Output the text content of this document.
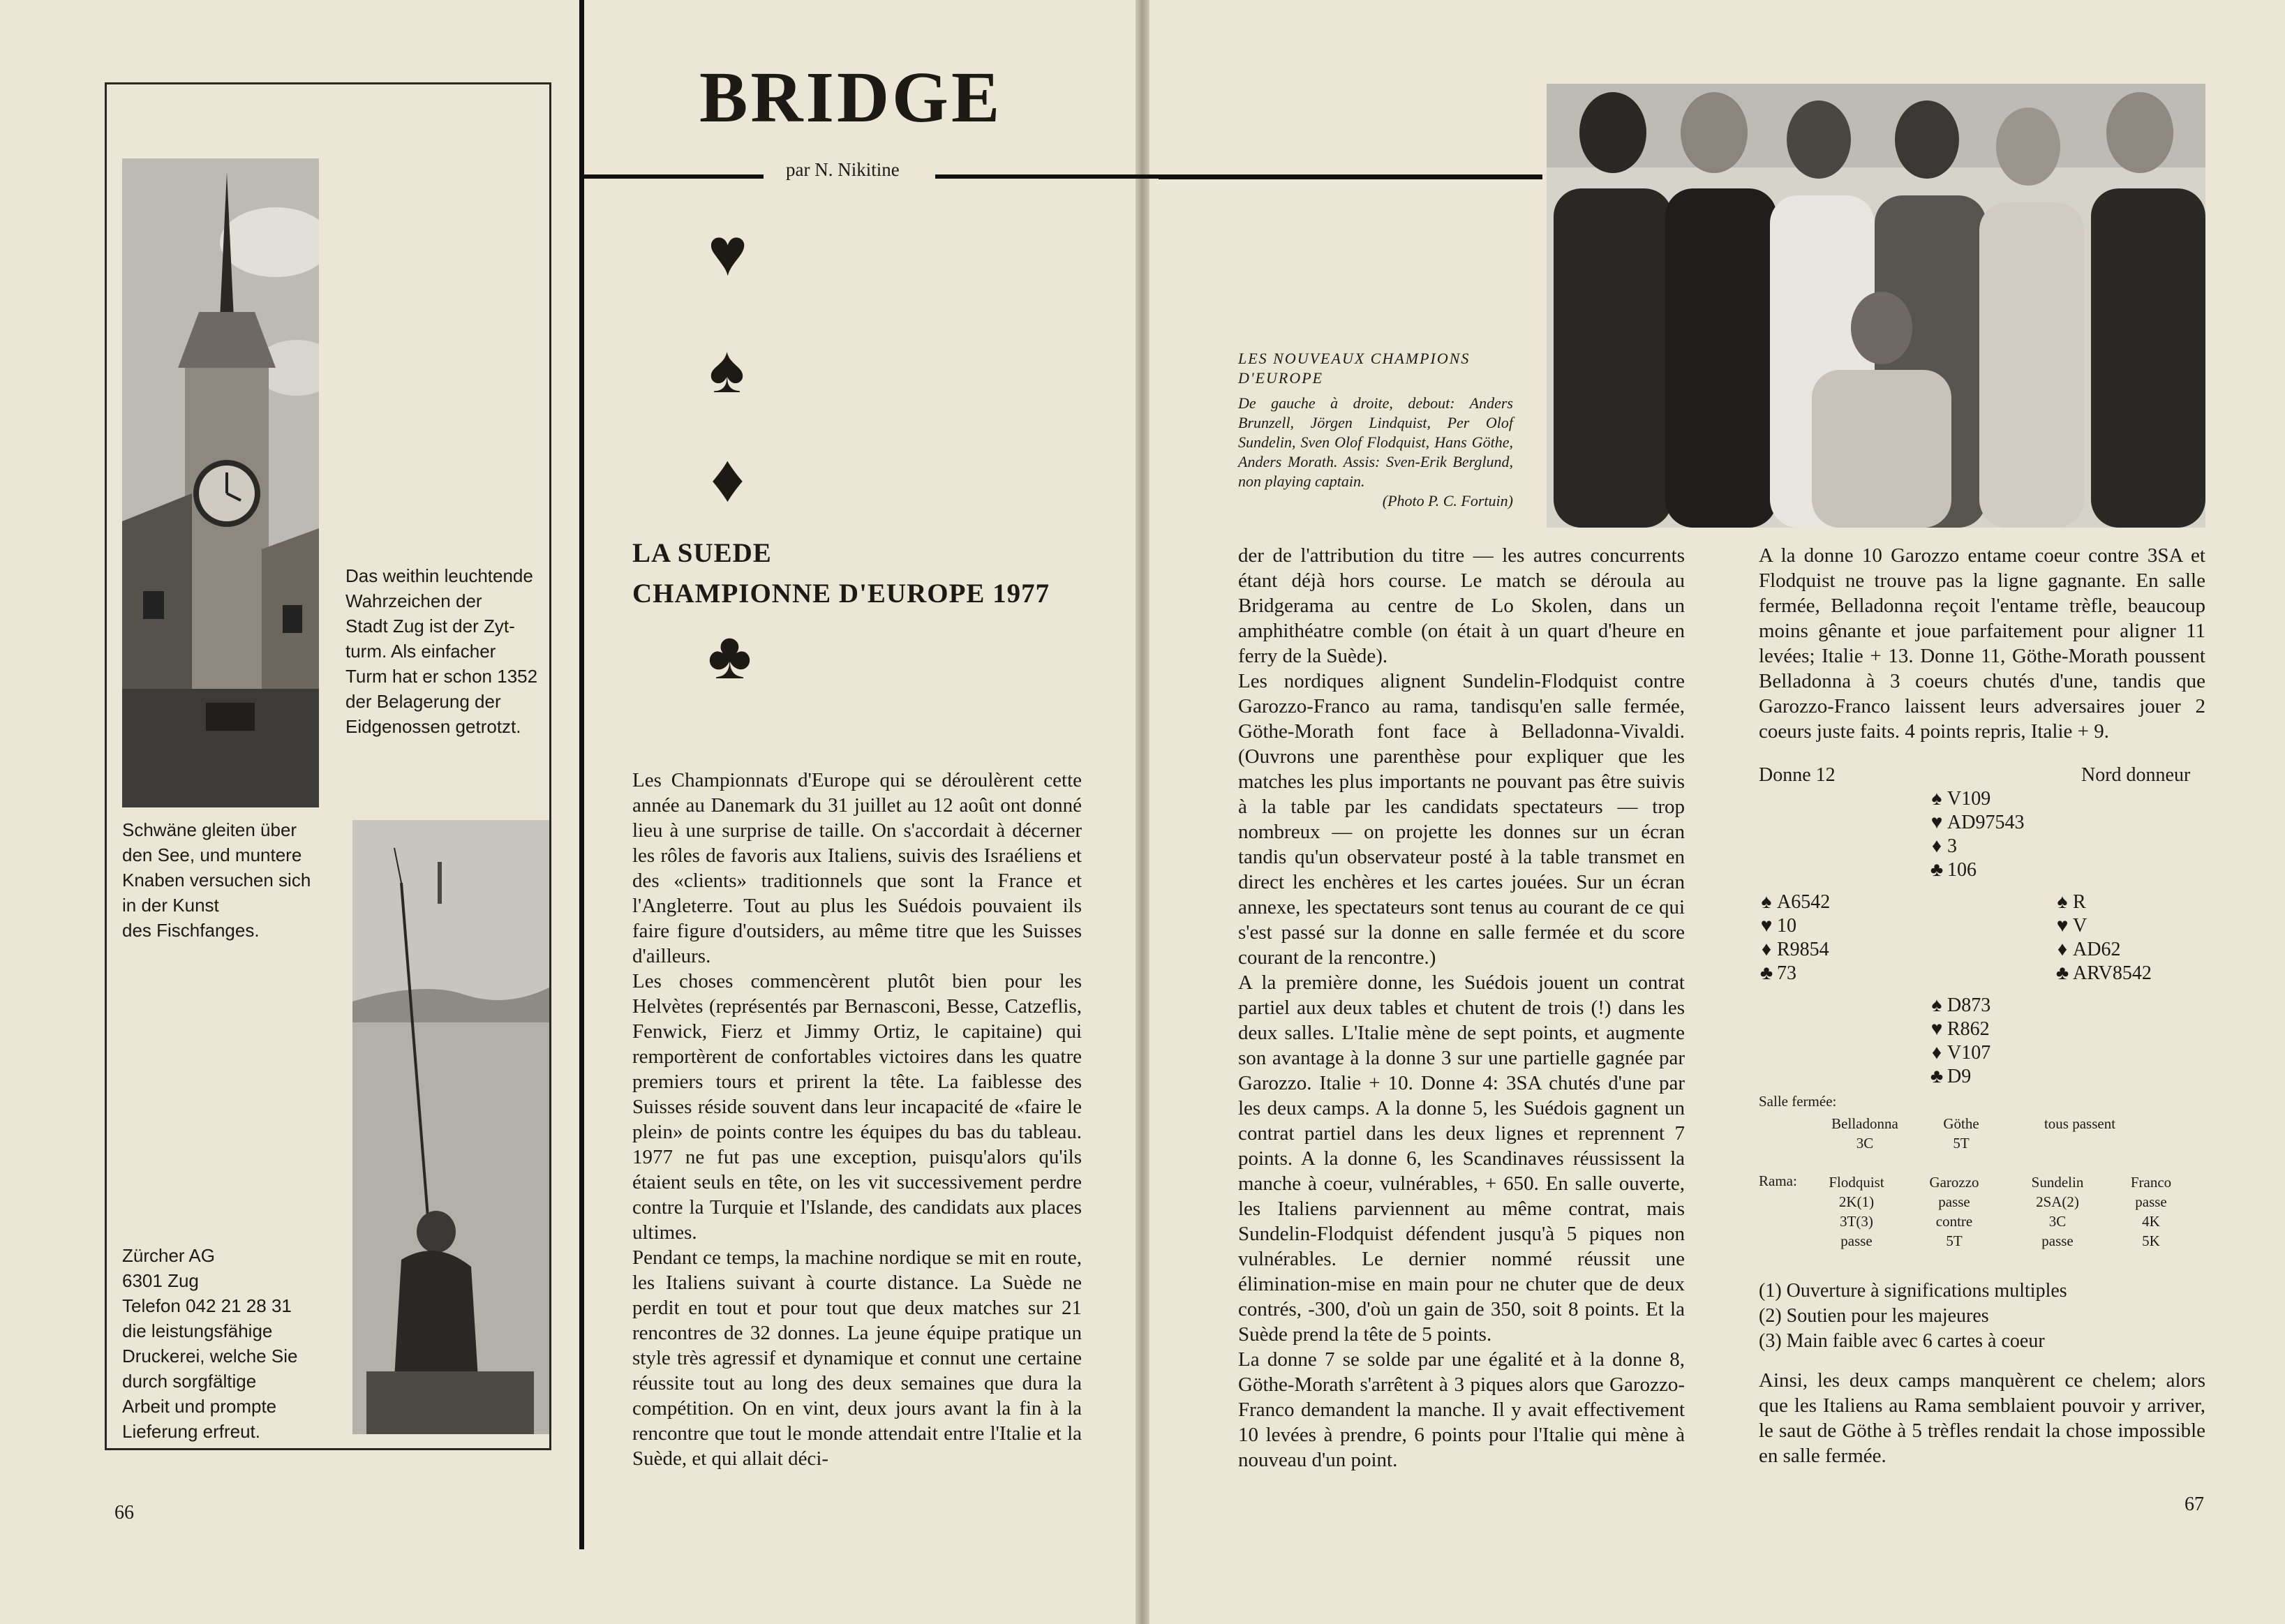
Das weithin leuchtende
Wahrzeichen der
Stadt Zug ist der Zyt-
turm. Als einfacher
Turm hat er schon 1352
der Belagerung der
Eidgenossen getrotzt.
Schwäne gleiten über
den See, und muntere
Knaben versuchen sich
in der Kunst
des Fischfanges.
Zürcher AG
6301 Zug
Telefon 042 21 28 31
die leistungsfähige
Druckerei, welche Sie
durch sorgfältige
Arbeit und prompte
Lieferung erfreut.
66
BRIDGE
par N. Nikitine
♥
♠
♦
♣
LA SUEDE
CHAMPIONNE D'EUROPE 1977

Les Championnats d'Europe qui se déroulèrent cette année au Danemark du 31 juillet au 12 août ont donné lieu à une surprise de taille. On s'accordait à décerner les rôles de favoris aux Italiens, suivis des Israéliens et des «clients» traditionnels que sont la France et l'Angleterre. Tout au plus les Suédois pouvaient ils faire figure d'outsiders, au même titre que les Suisses d'ailleurs.

Les choses commencèrent plutôt bien pour les Helvètes (représentés par Bernasconi, Besse, Catzeflis, Fenwick, Fierz et Jimmy Ortiz, le capitaine) qui remportèrent de confortables victoires dans les quatre premiers tours et prirent la tête. La faiblesse des Suisses réside souvent dans leur incapacité de «faire le plein» de points contre les équipes du bas du tableau. 1977 ne fut pas une exception, puisqu'alors qu'ils étaient seuls en tête, on les vit successivement perdre contre la Turquie et l'Islande, des candidats aux places ultimes.

Pendant ce temps, la machine nordique se mit en route, les Italiens suivant à courte distance. La Suède ne perdit en tout et pour tout que deux matches sur 21 rencontres de 32 donnes. La jeune équipe pratique un style très agressif et dynamique et connut une certaine réussite tout au long des deux semaines que dura la compétition. On en vint, deux jours avant la fin à la rencontre que tout le monde attendait entre l'Italie et la Suède, et qui allait déci-

LES NOUVEAUX CHAMPIONS D'EUROPE
De gauche à droite, debout: Anders Brunzell, Jörgen Lindquist, Per Olof Sundelin, Sven Olof Flodquist, Hans Göthe, Anders Morath. Assis: Sven-Erik Berglund, non playing captain.
(Photo P. C. Fortuin)

der de l'attribution du titre — les autres concurrents étant déjà hors course. Le match se déroula au Bridgerama au centre de Lo Skolen, dans un amphithéatre comble (on était à un quart d'heure en ferry de la Suède).

Les nordiques alignent Sundelin-Flodquist contre Garozzo-Franco au rama, tandisqu'en salle fermée, Göthe-Morath font face à Belladonna-Vivaldi. (Ouvrons une parenthèse pour expliquer que les matches les plus importants ne pouvant pas être suivis à la table par les candidats spectateurs — trop nombreux — on projette les donnes sur un écran tandis qu'un observateur posté à la table transmet en direct les enchères et les cartes jouées. Sur un écran annexe, les spectateurs sont tenus au courant de ce qui s'est passé sur la donne en salle fermée et du score courant de la rencontre.)

A la première donne, les Suédois jouent un contrat partiel aux deux tables et chutent de trois (!) dans les deux salles. L'Italie mène de sept points, et augmente son avantage à la donne 3 sur une partielle gagnée par Garozzo. Italie + 10. Donne 4: 3SA chutés d'une par les deux camps. A la donne 5, les Suédois gagnent un contrat partiel dans les deux lignes et reprennent 7 points. A la donne 6, les Scandinaves réussissent la manche à coeur, vulnérables, + 650. En salle ouverte, les Italiens parviennent au même contrat, mais Sundelin-Flodquist défendent jusqu'à 5 piques non vulnérables. Le dernier nommé réussit une élimination-mise en main pour ne chuter que de deux contrés, -300, d'où un gain de 350, soit 8 points. Et la Suède prend la tête de 5 points.

La donne 7 se solde par une égalité et à la donne 8, Göthe-Morath s'arrêtent à 3 piques alors que Garozzo-Franco demandent la manche. Il y avait effectivement 10 levées à prendre, 6 points pour l'Italie qui mène à nouveau d'un point.

A la donne 10 Garozzo entame coeur contre 3SA et Flodquist ne trouve pas la ligne gagnante. En salle fermée, Belladonna reçoit l'entame trèfle, beaucoup moins gênante et joue parfaitement pour aligner 11 levées; Italie + 13. Donne 11, Göthe-Morath poussent Belladonna à 3 coeurs chutés d'une, tandis que Garozzo-Franco laissent leurs adversaires jouer 2 coeurs juste faits. 4 points repris, Italie + 9.

Donne 12	Nord donneur
♠ V109
♥ AD97543
♦ 3
♣ 106
♠ A6542
♥ 10
♦ R9854
♣ 73
♠ R
♥ V
♦ AD62
♣ ARV8542
♠ D873
♥ R862
♦ V107
♣ D9
Salle fermée:
Belladonna
3C
Göthe
5T
tous passent
Rama:	Flodquist
2K(1)
3T(3)
passe
Garozzo
passe
contre
5T
Sundelin
2SA(2)
3C
passe
Franco
passe
4K
5K
(1) Ouverture à significations multiples
(2) Soutien pour les majeures
(3) Main faible avec 6 cartes à coeur

Ainsi, les deux camps manquèrent ce chelem; alors que les Italiens au Rama semblaient pouvoir y arriver, le saut de Göthe à 5 trèfles rendait la chose impossible en salle fermée.

67
